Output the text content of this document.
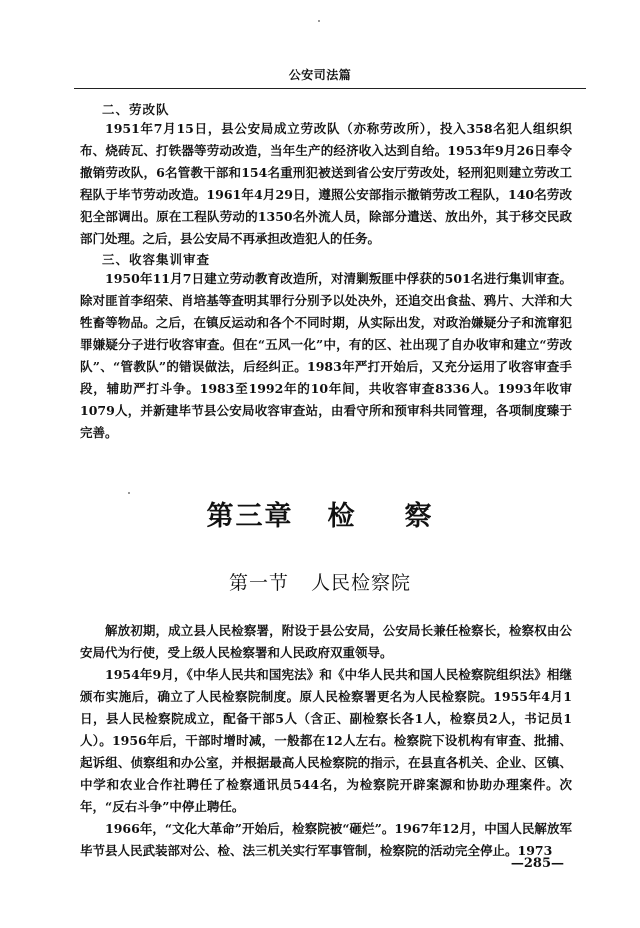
公安司法篇
二、劳改队

1951年7月15日，县公安局成立劳改队（亦称劳改所），投入358名犯人组织织布、烧砖瓦、打铁器等劳动改造，当年生产的经济收入达到自给。1953年9月26日奉令撤销劳改队，6名管教干部和154名重刑犯被送到省公安厅劳改处，轻刑犯则建立劳改工程队于毕节劳动改造。1961年4月29日，遵照公安部指示撤销劳改工程队，140名劳改犯全部调出。原在工程队劳动的1350名外流人员，除部分遣送、放出外，其于移交民政部门处理。之后，县公安局不再承担改造犯人的任务。

三、收容集训审查

1950年11月7日建立劳动教育改造所，对清剿叛匪中俘获的501名进行集训审查。除对匪首李绍荣、肖培基等查明其罪行分别予以处决外，还追交出食盐、鸦片、大洋和大牲畜等物品。之后，在镇反运动和各个不同时期，从实际出发，对政治嫌疑分子和流窜犯罪嫌疑分子进行收容审查。但在“五风一化”中，有的区、社出现了自办收审和建立“劳改队”、“管教队”的错误做法，后经纠正。1983年严打开始后，又充分运用了收容审查手段，辅助严打斗争。1983至1992年的10年间，共收容审查8336人。1993年收审1079人，并新建毕节县公安局收容审查站，由看守所和预审科共同管理，各项制度臻于完善。

第三章 检 察
第一节 人民检察院

解放初期，成立县人民检察署，附设于县公安局，公安局长兼任检察长，检察权由公安局代为行使，受上级人民检察署和人民政府双重领导。

1954年9月，《中华人民共和国宪法》和《中华人民共和国人民检察院组织法》相继颁布实施后，确立了人民检察院制度。原人民检察署更名为人民检察院。1955年4月1日，县人民检察院成立，配备干部5人（含正、副检察长各1人，检察员2人，书记员1人）。1956年后，干部时增时减，一般都在12人左右。检察院下设机构有审查、批捕、起诉组、侦察组和办公室，并根据最高人民检察院的指示，在县直各机关、企业、区镇、中学和农业合作社聘任了检察通讯员544名，为检察院开辟案源和协助办理案件。次年，“反右斗争”中停止聘任。

1966年，“文化大革命”开始后，检察院被“砸烂”。1967年12月，中国人民解放军毕节县人民武装部对公、检、法三机关实行军事管制，检察院的活动完全停止。1973

—285—
